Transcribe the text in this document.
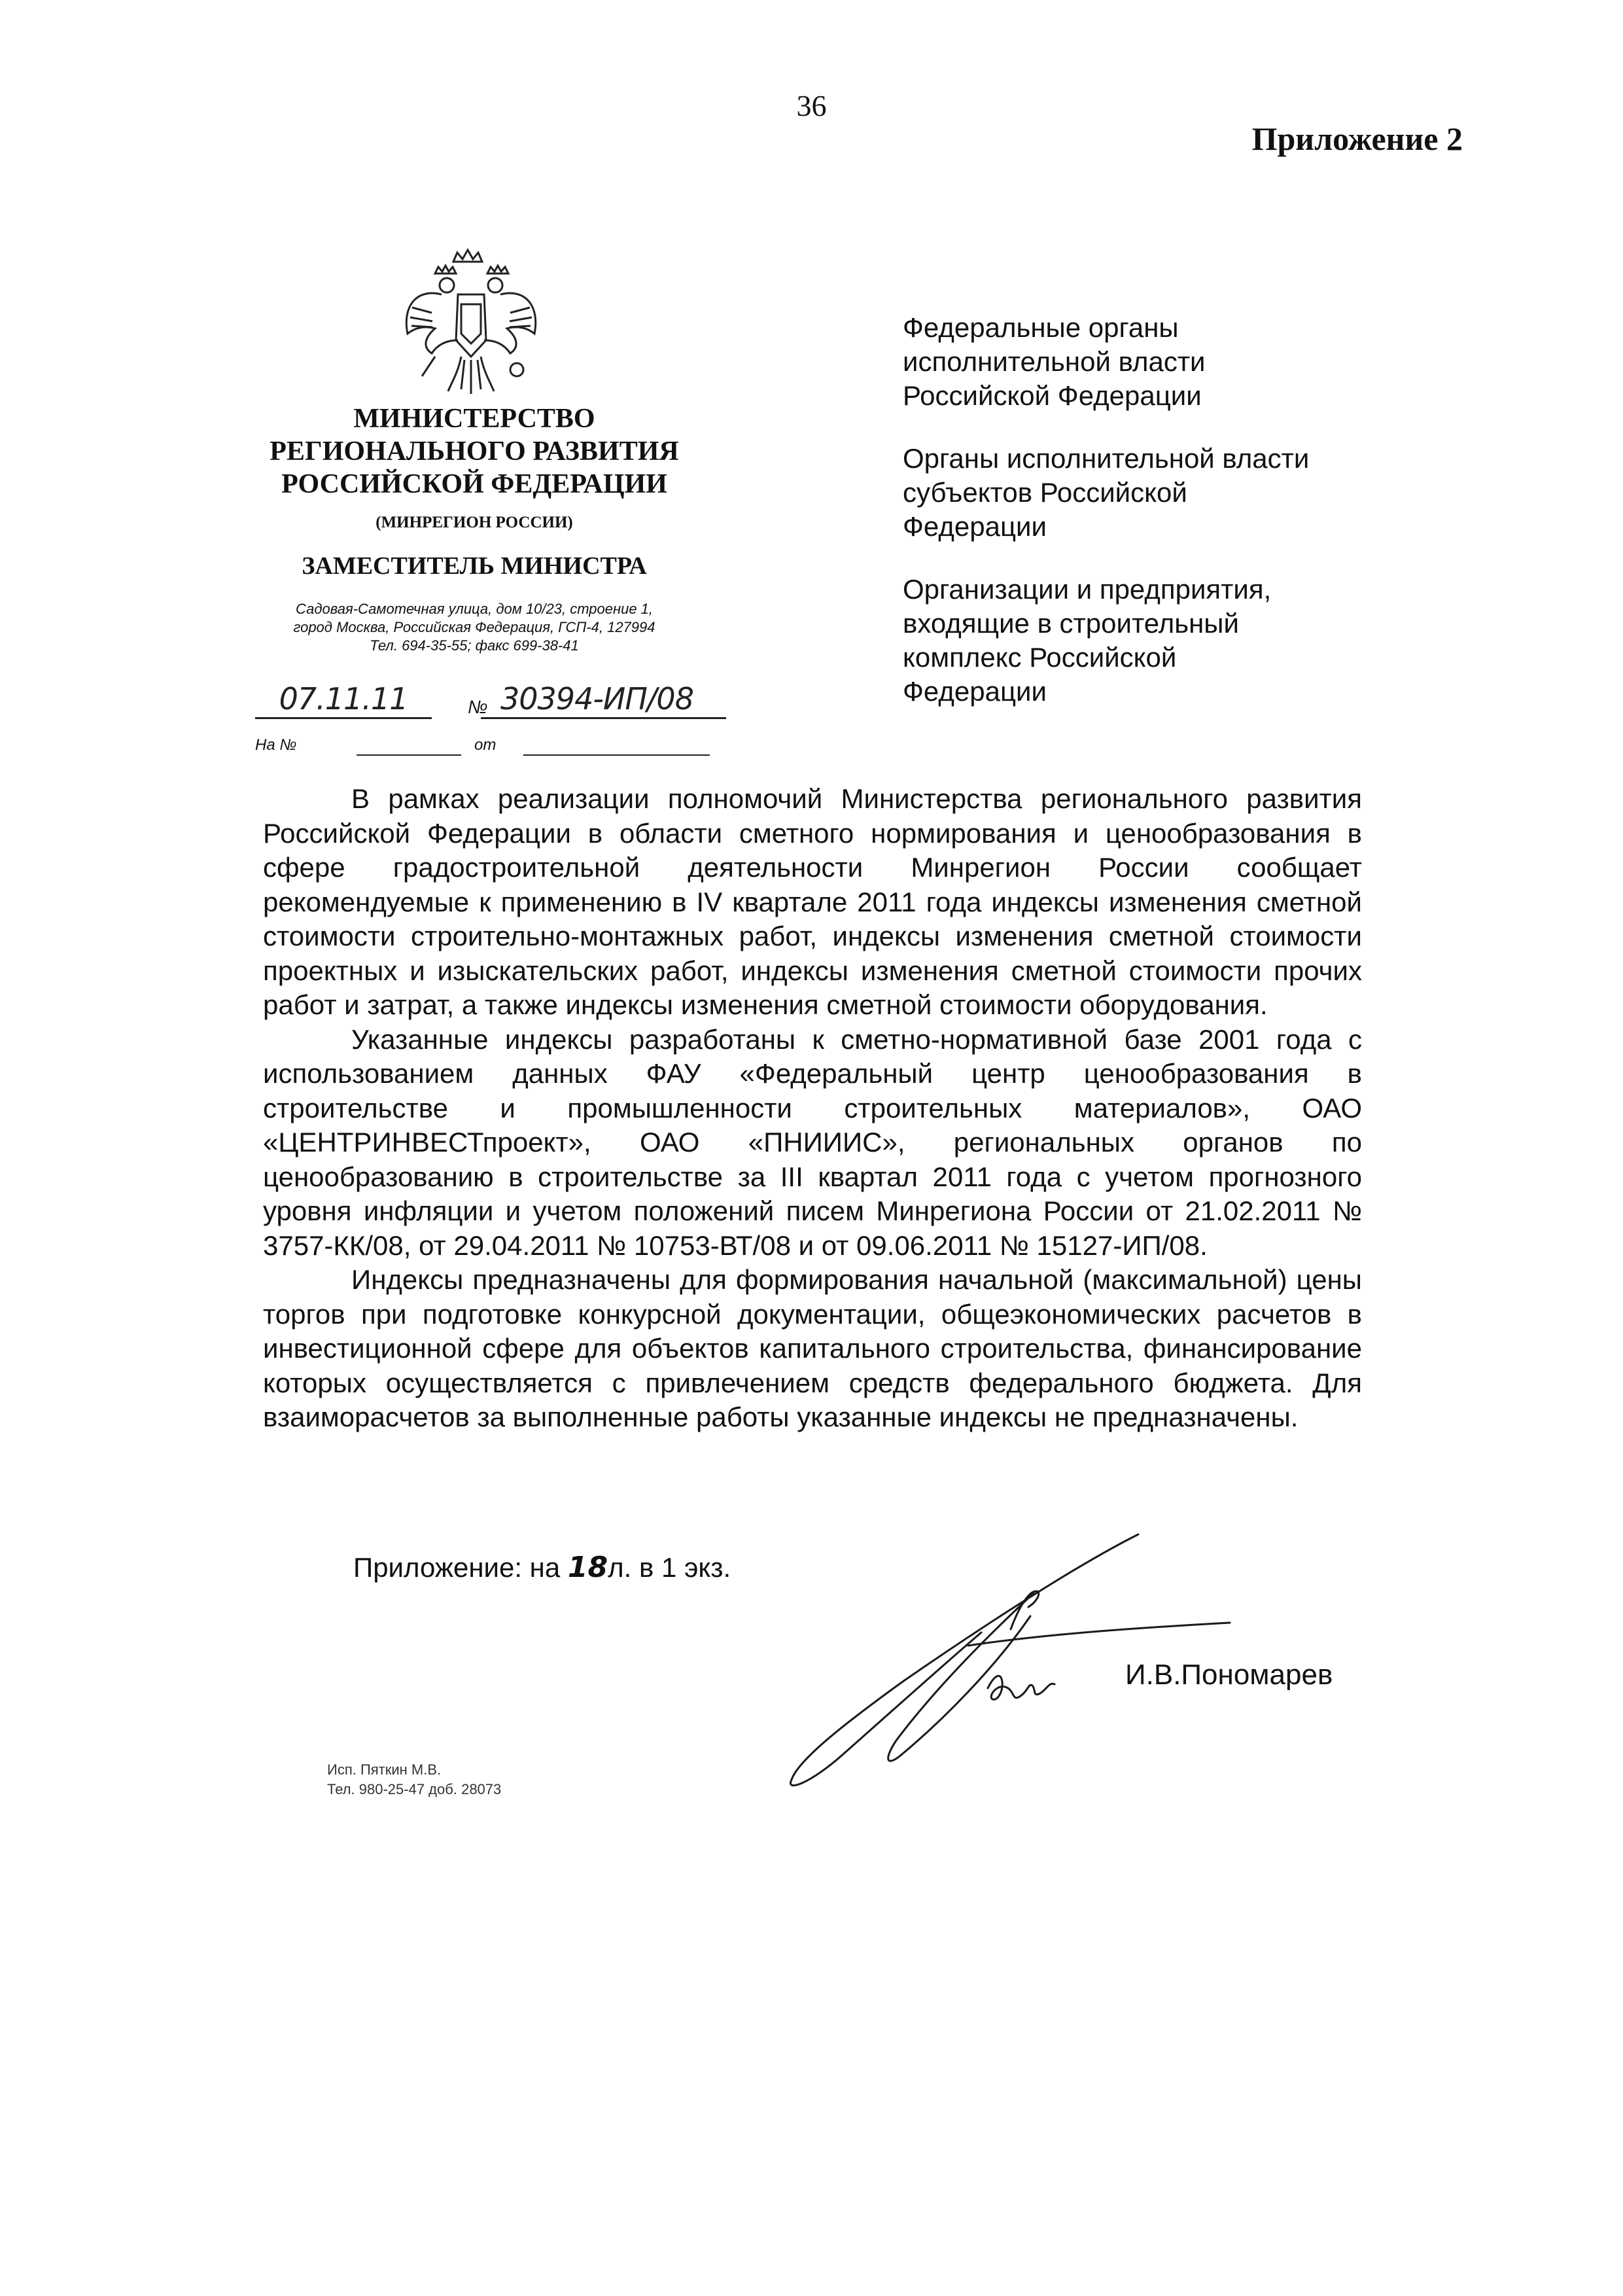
36
Приложение 2
МИНИСТЕРСТВО
РЕГИОНАЛЬНОГО РАЗВИТИЯ
РОССИЙСКОЙ ФЕДЕРАЦИИ
(МИНРЕГИОН РОССИИ)
ЗАМЕСТИТЕЛЬ МИНИСТРА
Садовая-Самотечная улица, дом 10/23, строение 1,
город Москва, Российская Федерация, ГСП-4, 127994
Тел. 694-35-55; факс 699-38-41
07.11.11	№ 30394-ИП/08
На №	от
Федеральные органы
исполнительной власти
Российской Федерации
Органы исполнительной власти
субъектов Российской
Федерации
Организации и предприятия,
входящие в строительный
комплекс Российской
Федерации

В рамках реализации полномочий Министерства регионального развития Российской Федерации в области сметного нормирования и ценообразования в сфере градостроительной деятельности Минрегион России сообщает рекомендуемые к применению в IV квартале 2011 года индексы изменения сметной стоимости строительно-монтажных работ, индексы изменения сметной стоимости проектных и изыскательских работ, индексы изменения сметной стоимости прочих работ и затрат, а также индексы изменения сметной стоимости оборудования.

Указанные индексы разработаны к сметно-нормативной базе 2001 года с использованием данных ФАУ «Федеральный центр ценообразования в строительстве и промышленности строительных материалов», ОАО «ЦЕНТРИНВЕСТпроект», ОАО «ПНИИИС», региональных органов по ценообразованию в строительстве за III квартал 2011 года с учетом прогнозного уровня инфляции и учетом положений писем Минрегиона России от 21.02.2011 № 3757-КК/08, от 29.04.2011 № 10753-ВТ/08 и от 09.06.2011 № 15127-ИП/08.

Индексы предназначены для формирования начальной (максимальной) цены торгов при подготовке конкурсной документации, общеэкономических расчетов в инвестиционной сфере для объектов капитального строительства, финансирование которых осуществляется с привлечением средств федерального бюджета. Для взаиморасчетов за выполненные работы указанные индексы не предназначены.

Приложение: на 18л. в 1 экз.
И.В.Пономарев
Исп. Пяткин М.В.
Тел. 980-25-47 доб. 28073
